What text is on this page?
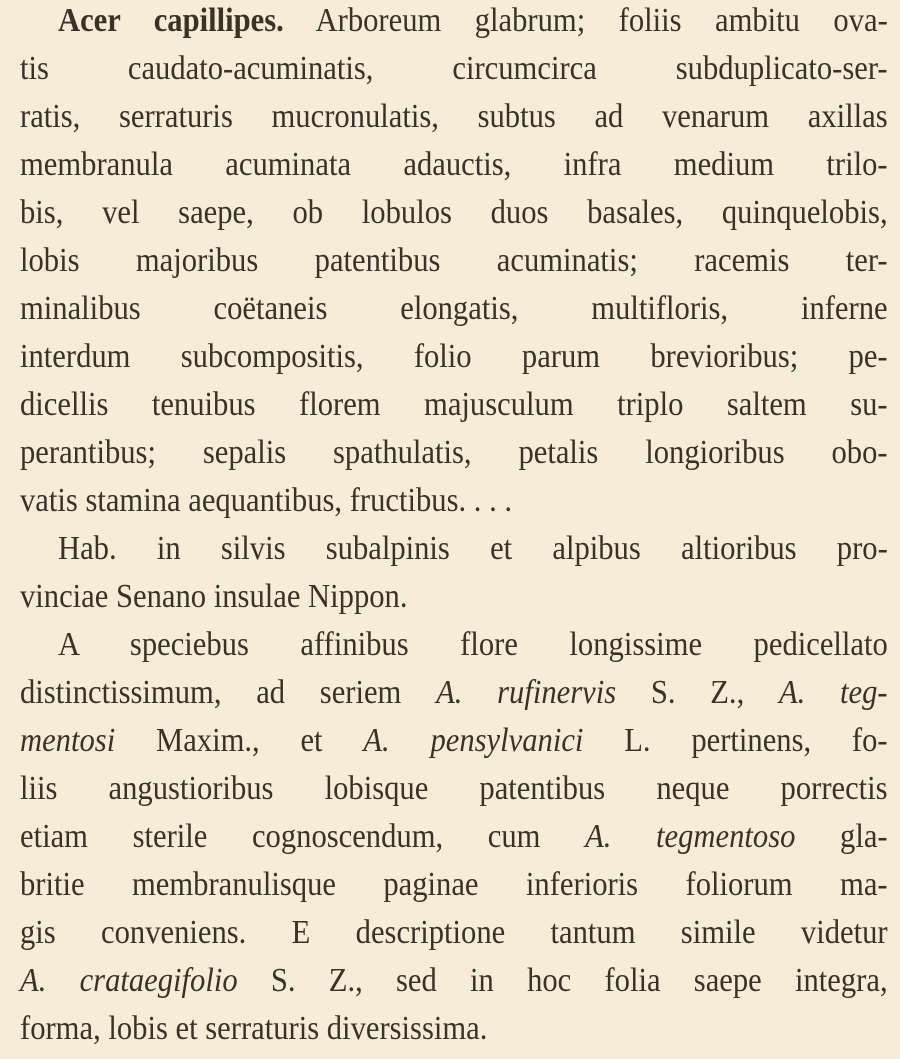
Acer capillipes. Arboreum glabrum; foliis ambitu ova-
tis caudato-acuminatis, circumcirca subduplicato-ser-
ratis, serraturis mucronulatis, subtus ad venarum axillas
membranula acuminata adauctis, infra medium trilo-
bis, vel saepe, ob lobulos duos basales, quinquelobis,
lobis majoribus patentibus acuminatis; racemis ter-
minalibus coëtaneis elongatis, multifloris, inferne
interdum subcompositis, folio parum brevioribus; pe-
dicellis tenuibus florem majusculum triplo saltem su-
perantibus; sepalis spathulatis, petalis longioribus obo-
vatis stamina aequantibus, fructibus. . . .
Hab. in silvis subalpinis et alpibus altioribus pro-
vinciae Senano insulae Nippon.
A speciebus affinibus flore longissime pedicellato
distinctissimum, ad seriem A. rufinervis S. Z., A. teg-
mentosi Maxim., et A. pensylvanici L. pertinens, fo-
liis angustioribus lobisque patentibus neque porrectis
etiam sterile cognoscendum, cum A. tegmentoso gla-
britie membranulisque paginae inferioris foliorum ma-
gis conveniens. E descriptione tantum simile videtur
A. crataegifolio S. Z., sed in hoc folia saepe integra,
forma, lobis et serraturis diversissima.
